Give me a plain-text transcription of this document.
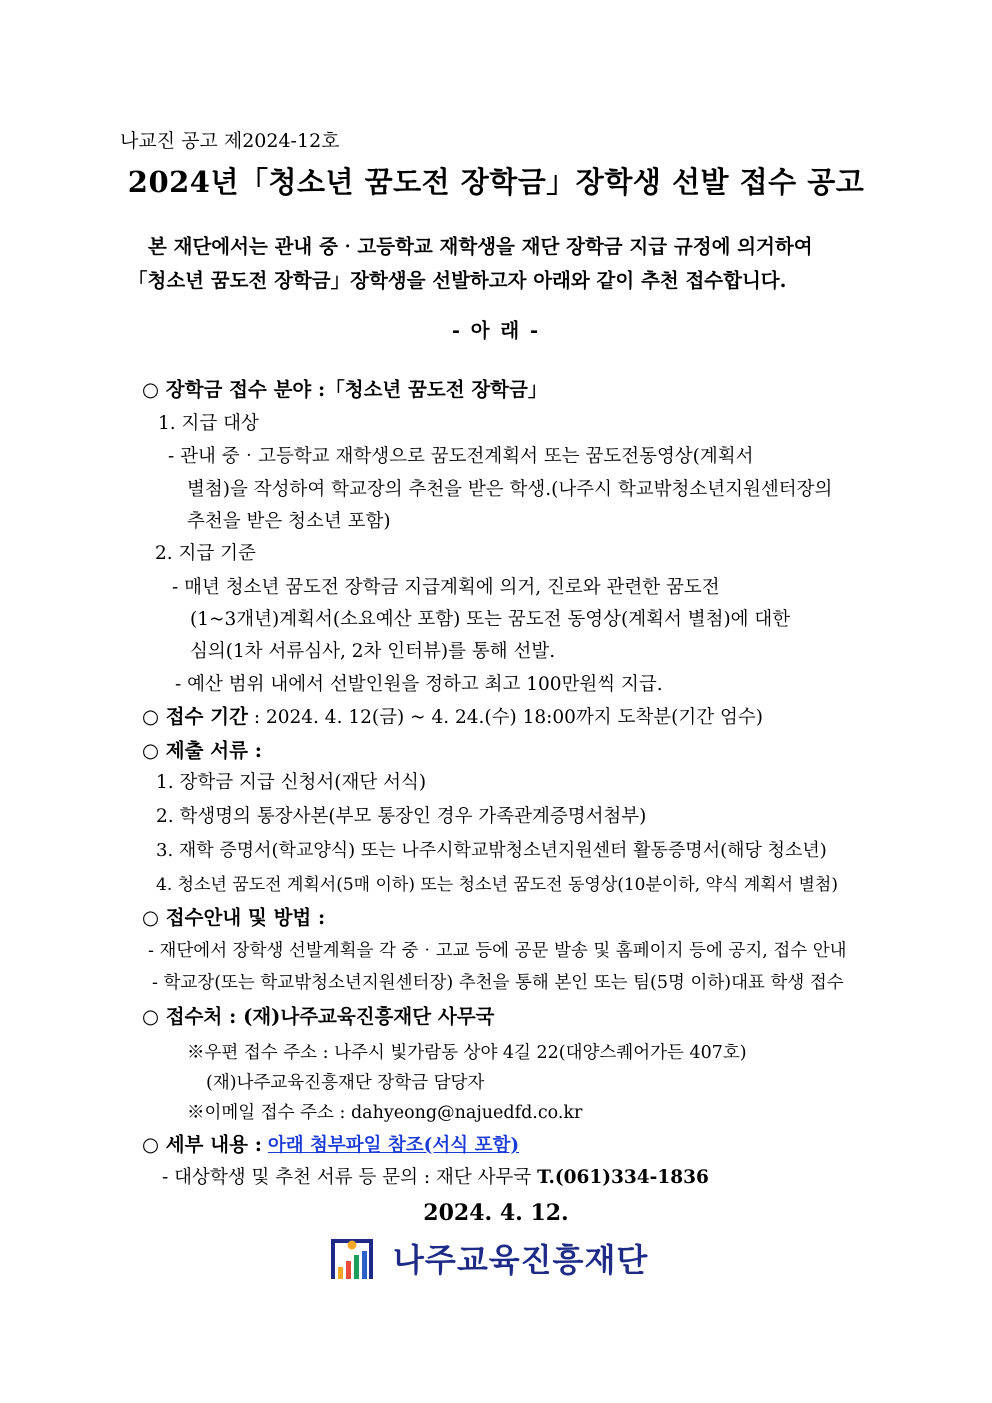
나교진 공고 제2024-12호
2024년「청소년 꿈도전 장학금」장학생 선발 접수 공고
본 재단에서는 관내 중‧고등학교 재학생을 재단 장학금 지급 규정에 의거하여
「청소년 꿈도전 장학금」장학생을 선발하고자 아래와 같이 추천 접수합니다.
- 아 래 -
○ 장학금 접수 분야 :「청소년 꿈도전 장학금」
1. 지급 대상
- 관내 중‧고등학교 재학생으로 꿈도전계획서 또는 꿈도전동영상(계획서
별첨)을 작성하여 학교장의 추천을 받은 학생.(나주시 학교밖청소년지원센터장의
추천을 받은 청소년 포함)
2. 지급 기준
- 매년 청소년 꿈도전 장학금 지급계획에 의거, 진로와 관련한 꿈도전
(1~3개년)계획서(소요예산 포함) 또는 꿈도전 동영상(계획서 별첨)에 대한
심의(1차 서류심사, 2차 인터뷰)를 통해 선발.
- 예산 범위 내에서 선발인원을 정하고 최고 100만원씩 지급.
○ 접수 기간 : 2024. 4. 12(금) ~ 4. 24.(수) 18:00까지 도착분(기간 엄수)
○ 제출 서류 :
1. 장학금 지급 신청서(재단 서식)
2. 학생명의 통장사본(부모 통장인 경우 가족관계증명서첨부)
3. 재학 증명서(학교양식) 또는 나주시학교밖청소년지원센터 활동증명서(해당 청소년)
4. 청소년 꿈도전 계획서(5매 이하) 또는 청소년 꿈도전 동영상(10분이하, 약식 계획서 별첨)
○ 접수안내 및 방법 :
- 재단에서 장학생 선발계획을 각 중‧고교 등에 공문 발송 및 홈페이지 등에 공지, 접수 안내
- 학교장(또는 학교밖청소년지원센터장) 추천을 통해 본인 또는 팀(5명 이하)대표 학생 접수
○ 접수처 : (재)나주교육진흥재단 사무국
※우편 접수 주소 : 나주시 빛가람동 상야 4길 22(대양스퀘어가든 407호)
(재)나주교육진흥재단 장학금 담당자
※이메일 접수 주소 : dahyeong@najuedfd.co.kr
○ 세부 내용 : 아래 첨부파일 참조(서식 포함)
- 대상학생 및 추천 서류 등 문의 : 재단 사무국 T.(061)334-1836
2024. 4. 12.
나주교육진흥재단
